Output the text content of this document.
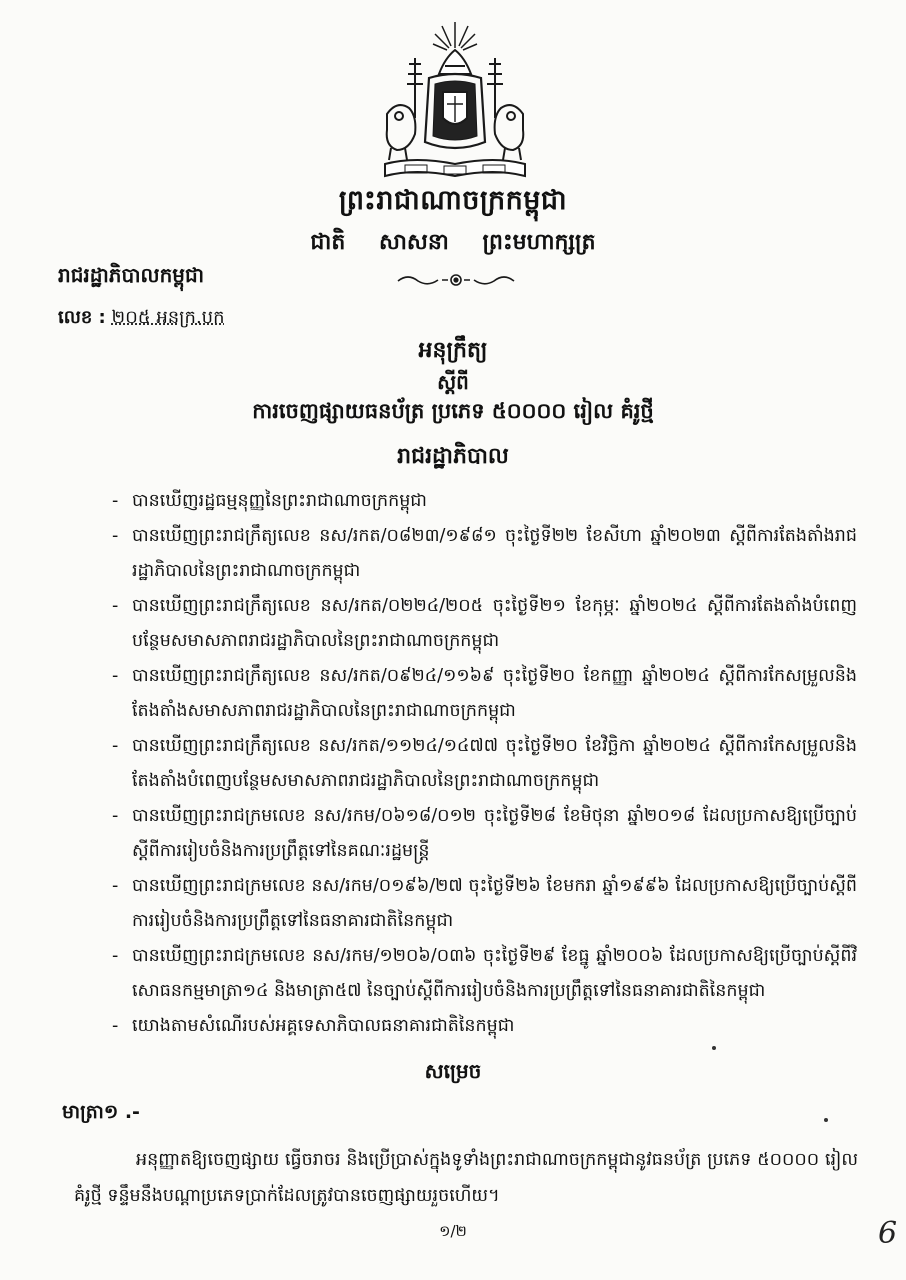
ព្រះរាជាណាចក្រកម្ពុជា
ជាតិ សាសនា ព្រះមហាក្សត្រ
រាជរដ្ឋាភិបាលកម្ពុជា
លេខ : ២០៥ អនក្រ.បក
អនុក្រឹត្យ
ស្តីពី
ការចេញផ្សាយធនប័ត្រ ប្រភេទ ៥០០០០ រៀល គំរូថ្មី
រាជរដ្ឋាភិបាល
- បានឃើញរដ្ឋធម្មនុញ្ញនៃព្រះរាជាណាចក្រកម្ពុជា
- បានឃើញព្រះរាជក្រឹត្យលេខ នស/រកត/០៨២៣/១៩៨១ ចុះថ្ងៃទី២២ ខែសីហា ឆ្នាំ២០២៣ ស្តីពីការតែងតាំងរាជរដ្ឋាភិបាលនៃព្រះរាជាណាចក្រកម្ពុជា
- បានឃើញព្រះរាជក្រឹត្យលេខ នស/រកត/០២២៤/២០៥ ចុះថ្ងៃទី២១ ខែកុម្ភៈ ឆ្នាំ២០២៤ ស្តីពីការតែងតាំងបំពេញបន្ថែមសមាសភាពរាជរដ្ឋាភិបាលនៃព្រះរាជាណាចក្រកម្ពុជា
- បានឃើញព្រះរាជក្រឹត្យលេខ នស/រកត/០៩២៤/១១៦៩ ចុះថ្ងៃទី២០ ខែកញ្ញា ឆ្នាំ២០២៤ ស្តីពីការកែសម្រួលនិងតែងតាំងសមាសភាពរាជរដ្ឋាភិបាលនៃព្រះរាជាណាចក្រកម្ពុជា
- បានឃើញព្រះរាជក្រឹត្យលេខ នស/រកត/១១២៤/១៤៧៧ ចុះថ្ងៃទី២០ ខែវិច្ឆិកា ឆ្នាំ២០២៤ ស្តីពីការកែសម្រួលនិងតែងតាំងបំពេញបន្ថែមសមាសភាពរាជរដ្ឋាភិបាលនៃព្រះរាជាណាចក្រកម្ពុជា
- បានឃើញព្រះរាជក្រមលេខ នស/រកម/០៦១៨/០១២ ចុះថ្ងៃទី២៨ ខែមិថុនា ឆ្នាំ២០១៨ ដែលប្រកាសឱ្យប្រើច្បាប់ស្តីពីការរៀបចំនិងការប្រព្រឹត្តទៅនៃគណៈរដ្ឋមន្ត្រី
- បានឃើញព្រះរាជក្រមលេខ នស/រកម/០១៩៦/២៧ ចុះថ្ងៃទី២៦ ខែមករា ឆ្នាំ១៩៩៦ ដែលប្រកាសឱ្យប្រើច្បាប់ស្តីពីការរៀបចំនិងការប្រព្រឹត្តទៅនៃធនាគារជាតិនៃកម្ពុជា
- បានឃើញព្រះរាជក្រមលេខ នស/រកម/១២០៦/០៣៦ ចុះថ្ងៃទី២៩ ខែធ្នូ ឆ្នាំ២០០៦ ដែលប្រកាសឱ្យប្រើច្បាប់ស្តីពីវិសោធនកម្មមាត្រា១៤ និងមាត្រា៥៧ នៃច្បាប់ស្តីពីការរៀបចំនិងការប្រព្រឹត្តទៅនៃធនាគារជាតិនៃកម្ពុជា
- យោងតាមសំណើរបស់អគ្គទេសាភិបាលធនាគារជាតិនៃកម្ពុជា
សម្រេច
មាត្រា១ .-
អនុញ្ញាតឱ្យចេញផ្សាយ ធ្វើចរាចរ និងប្រើប្រាស់ក្នុងទូទាំងព្រះរាជាណាចក្រកម្ពុជានូវធនប័ត្រ ប្រភេទ ៥០០០០ រៀល គំរូថ្មី ទន្ទឹមនឹងបណ្តាប្រភេទប្រាក់ដែលត្រូវបានចេញផ្សាយរួចហើយ។
១/២	6
